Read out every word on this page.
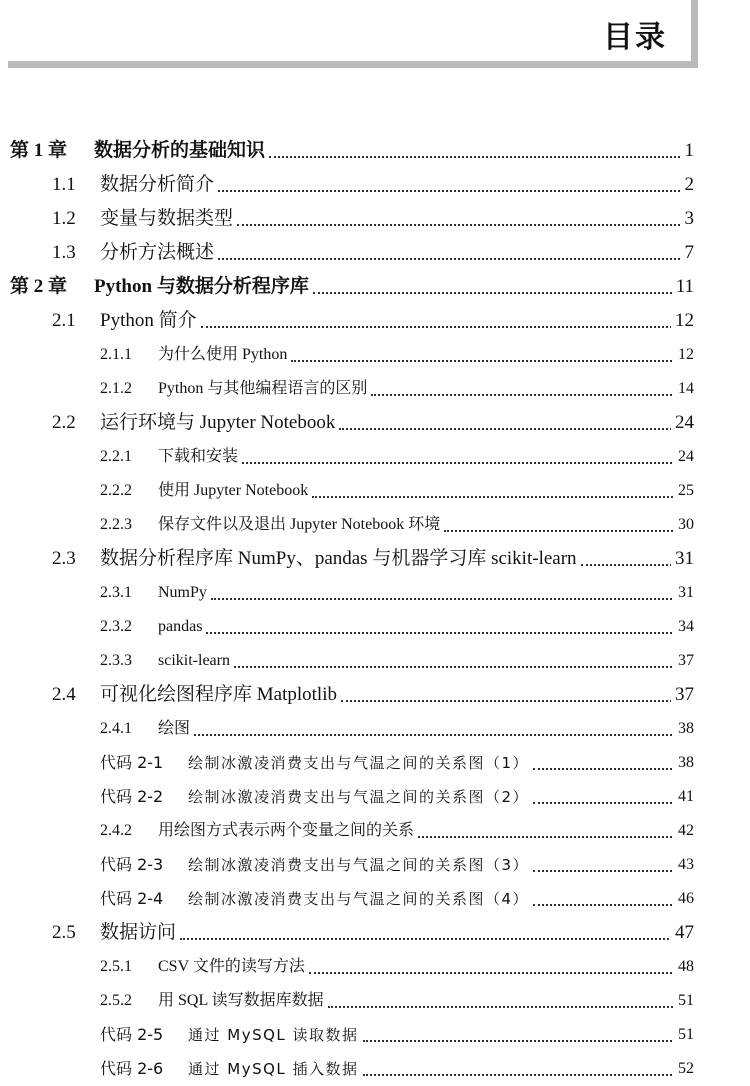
目录
第 1 章 数据分析的基础知识	1
1.1 数据分析简介	2
1.2 变量与数据类型	3
1.3 分析方法概述	7
第 2 章 Python 与数据分析程序库	11
2.1 Python 简介	12
2.1.1 为什么使用 Python	12
2.1.2 Python 与其他编程语言的区别	14
2.2 运行环境与 Jupyter Notebook	24
2.2.1 下载和安装	24
2.2.2 使用 Jupyter Notebook	25
2.2.3 保存文件以及退出 Jupyter Notebook 环境	30
2.3 数据分析程序库 NumPy、pandas 与机器学习库 scikit-learn	31
2.3.1 NumPy	31
2.3.2 pandas	34
2.3.3 scikit-learn	37
2.4 可视化绘图程序库 Matplotlib	37
2.4.1 绘图	38
代码 2-1 绘制冰激凌消费支出与气温之间的关系图（1）	38
代码 2-2 绘制冰激凌消费支出与气温之间的关系图（2）	41
2.4.2 用绘图方式表示两个变量之间的关系	42
代码 2-3 绘制冰激凌消费支出与气温之间的关系图（3）	43
代码 2-4 绘制冰激凌消费支出与气温之间的关系图（4）	46
2.5 数据访问	47
2.5.1 CSV 文件的读写方法	48
2.5.2 用 SQL 读写数据库数据	51
代码 2-5 通过 MySQL 读取数据	51
代码 2-6 通过 MySQL 插入数据	52
